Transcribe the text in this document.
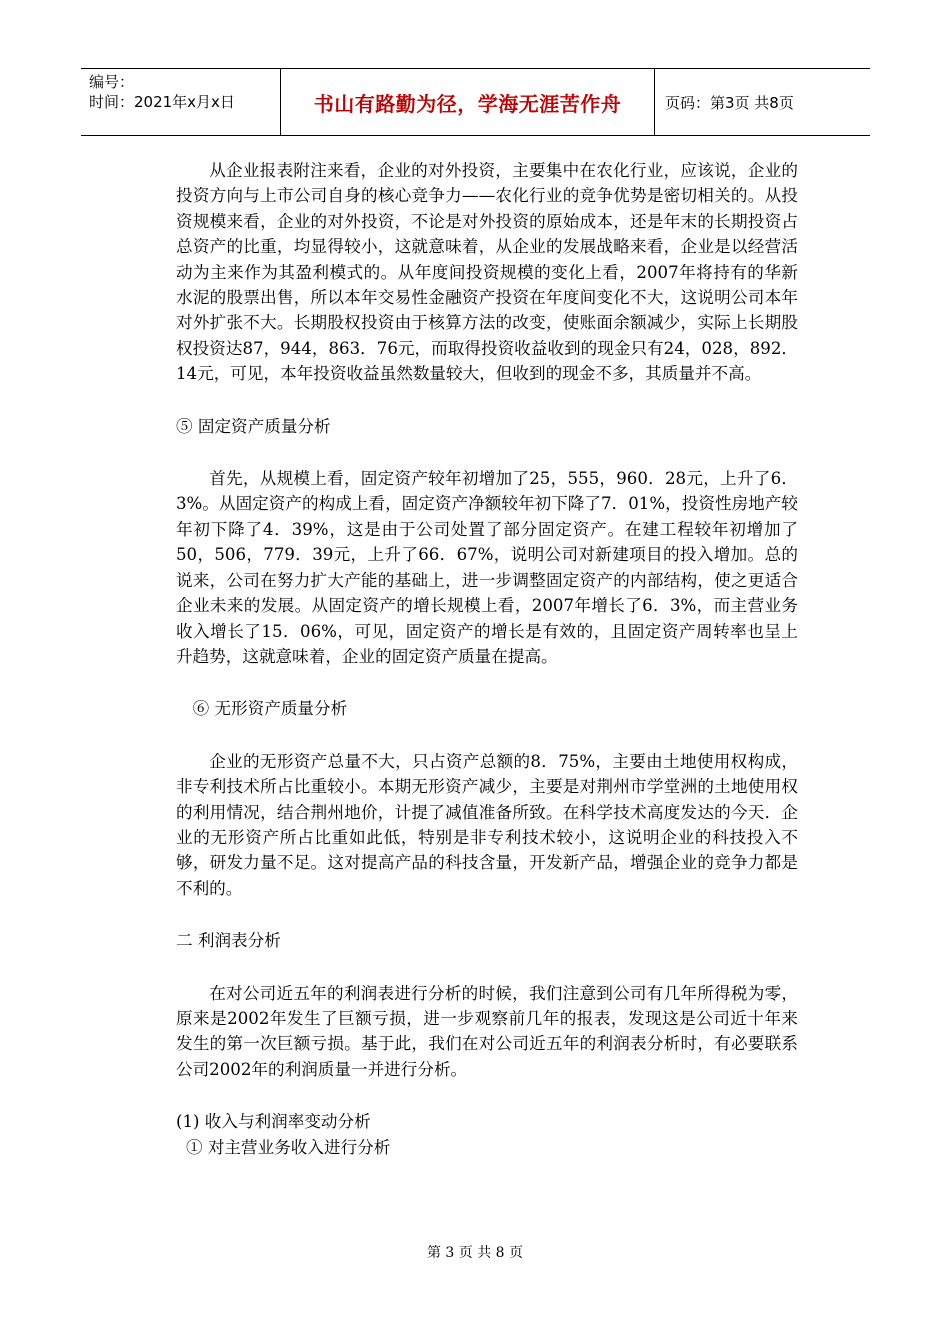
编号：
时间：2021年x月x日	书山有路勤为径，学海无涯苦作舟	页码：第3页 共8页

从企业报表附注来看，企业的对外投资，主要集中在农化行业，应该说，企业的投资方向与上市公司自身的核心竞争力——农化行业的竞争优势是密切相关的。从投资规模来看，企业的对外投资，不论是对外投资的原始成本，还是年末的长期投资占总资产的比重，均显得较小，这就意味着，从企业的发展战略来看，企业是以经营活动为主来作为其盈利模式的。从年度间投资规模的变化上看，2007年将持有的华新水泥的股票出售，所以本年交易性金融资产投资在年度间变化不大，这说明公司本年对外扩张不大。长期股权投资由于核算方法的改变，使账面余额减少，实际上长期股权投资达87，944，863．76元，而取得投资收益收到的现金只有24，028，892．14元，可见，本年投资收益虽然数量较大，但收到的现金不多，其质量并不高。

⑤ 固定资产质量分析

首先，从规模上看，固定资产较年初增加了25，555，960．28元，上升了6．3%。从固定资产的构成上看，固定资产净额较年初下降了7．01%，投资性房地产较年初下降了4．39%，这是由于公司处置了部分固定资产。在建工程较年初增加了50，506，779．39元，上升了66．67%，说明公司对新建项目的投入增加。总的说来，公司在努力扩大产能的基础上，进一步调整固定资产的内部结构，使之更适合企业未来的发展。从固定资产的增长规模上看，2007年增长了6．3%，而主营业务收入增长了15．06%，可见，固定资产的增长是有效的，且固定资产周转率也呈上升趋势，这就意味着，企业的固定资产质量在提高。

⑥ 无形资产质量分析

企业的无形资产总量不大，只占资产总额的8．75%，主要由土地使用权构成，非专利技术所占比重较小。本期无形资产减少，主要是对荆州市学堂洲的土地使用权的利用情况，结合荆州地价，计提了减值准备所致。在科学技术高度发达的今天．企业的无形资产所占比重如此低，特别是非专利技术较小，这说明企业的科技投入不够，研发力量不足。这对提高产品的科技含量，开发新产品，增强企业的竞争力都是不利的。

二 利润表分析

在对公司近五年的利润表进行分析的时候，我们注意到公司有几年所得税为零，原来是2002年发生了巨额亏损，进一步观察前几年的报表，发现这是公司近十年来发生的第一次巨额亏损。基于此，我们在对公司近五年的利润表分析时，有必要联系公司2002年的利润质量一并进行分析。

(1) 收入与利润率变动分析

① 对主营业务收入进行分析

第 3 页 共 8 页
